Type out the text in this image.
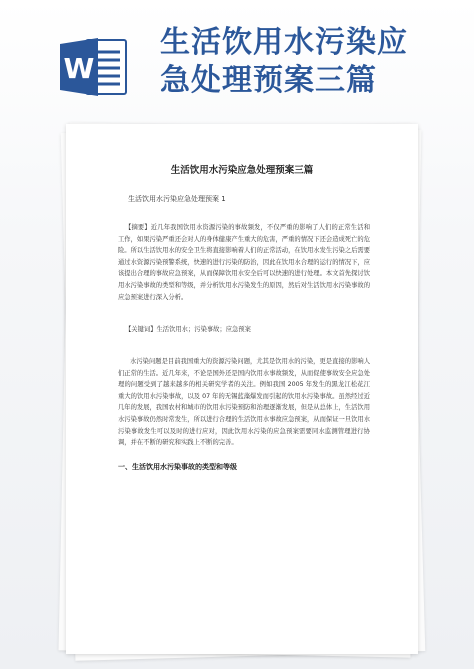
W
生活饮用水污染应
急处理预案三篇
生活饮用水污染应急处理预案三篇
生活饮用水污染应急处理预案 1

【摘要】近几年我国饮用水资源污染的事故频发，不仅严重的影响了人们的正常生活和工作，如果污染严重还会对人的身体健康产生重大的危害，严重的情况下还会造成死亡的危险。所以生活饮用水的安全卫生将直接影响着人们的正常活动，在饮用水发生污染之后需要通过水资源污染预警系统，快速的进行污染的防治，因此在饮用水合理的运行的情况下，应该提出合理的事故应急预案，从而保障饮用水安全后可以快速的进行处理。本文首先探讨饮用水污染事故的类型和等级，并分析饮用水污染发生的原因，然后对生活饮用水污染事故的应急预案进行深入分析。

【关键词】生活饮用水；污染事故；应急预案

水污染问题是目前我国重大的资源污染问题，尤其是饮用水的污染，更是直接的影响人们正常的生活。近几年来，不论是国外还是国内饮用水事故频发，从而促使事故安全应急处理的问题受到了越来越多的相关研究学者的关注。例如我国 2005 年发生的黑龙江松花江重大的饮用水污染事故，以及 07 年的无锡蓝藻爆发而引起的饮用水污染事故。虽然经过近几年的发展，我国农村和城市的饮用水污染预防和治理逐渐发展，但是从总体上，生活饮用水污染事故仍然时常发生，所以进行合理的生活饮用水事故应急预案，从而保证一旦饮用水污染事故发生可以及时的进行应对，因此饮用水污染的应急预案需要同水监测管理进行协调，并在不断的研究和实践上不断的完善。

一、生活饮用水污染事故的类型和等级
